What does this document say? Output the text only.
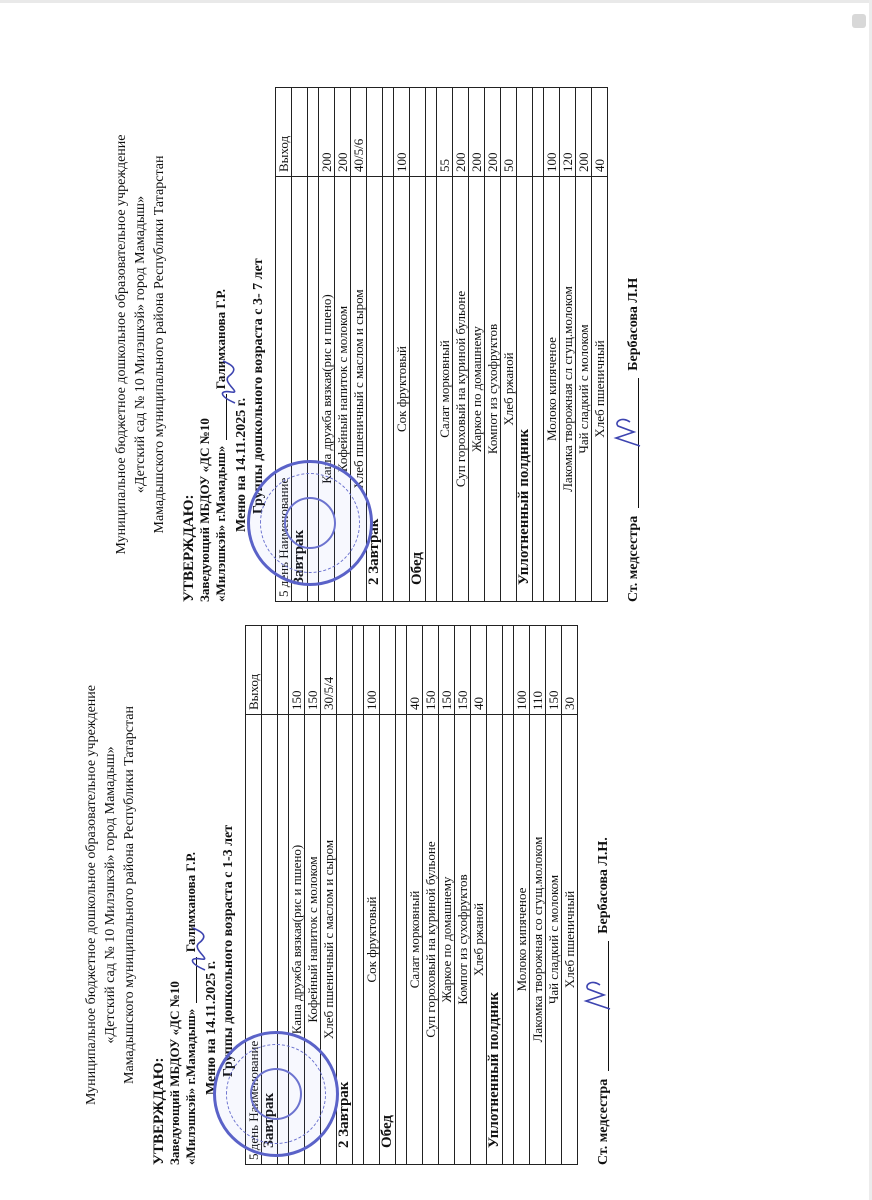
Муниципальное бюджетное дошкольное образовательное учреждение «Детский сад № 10 Милэшкэй» город Мамадыш» Мамадышского муниципального района Республики Татарстан
УТВЕРЖДАЮ: Заведующий МБДОУ «ДС №10 «Милэшкэй» г.Мамадыш»  Галимханова Г.Р.
Меню на 14.11.2025 г. Группы дошкольного возраста с 1-3 лет
5 день Наименование	Выход
Завтрак	

Каша дружба вязкая(рис и пшено)	150
Кофейный напиток с молоком	150
Хлеб пшеничный с маслом и сыром	30/5/4
2 Завтрак	

Сок фруктовый	100
Обед	

Салат морковный	40
Суп гороховый на куриной бульоне	150
Жаркое по домашнему	150
Компот из сухофруктов	150
Хлеб ржаной	40
Уплотненный полдник	

Молоко кипяченое	100
Лакомка творожная со сгущ.молоком	110
Чай сладкий с молоком	150
Хлеб пшеничный	30
Ст. медсестра  Бербасова Л.Н.
Муниципальное бюджетное дошкольное образовательное учреждение «Детский сад № 10 Милэшкэй» город Мамадыш» Мамадышского муниципального района Республики Татарстан
УТВЕРЖДАЮ: Заведующий МБДОУ «ДС №10 «Милэшкэй» г.Мамадыш»  Галимханова Г.Р.
Меню на 14.11.2025 г. Группы дошкольного возраста с 3- 7 лет
5 день Наименование	Выход
Завтрак	

Каша дружба вязкая(рис и пшено)	200
Кофейный напиток с молоком	200
Хлеб пшеничный с маслом и сыром	40/5/6
2 Завтрак	

Сок фруктовый	100
Обед	

Салат морковный	55
Суп гороховый на куриной бульоне	200
Жаркое по домашнему	200
Компот из сухофруктов	200
Хлеб ржаной	50
Уплотненный полдник	

Молоко кипяченое	100
Лакомка творожная сл сгущ.молоком	120
Чай сладкий с молоком	200
Хлеб пшеничный	40
Ст. медсестра  Бербасова Л.Н
